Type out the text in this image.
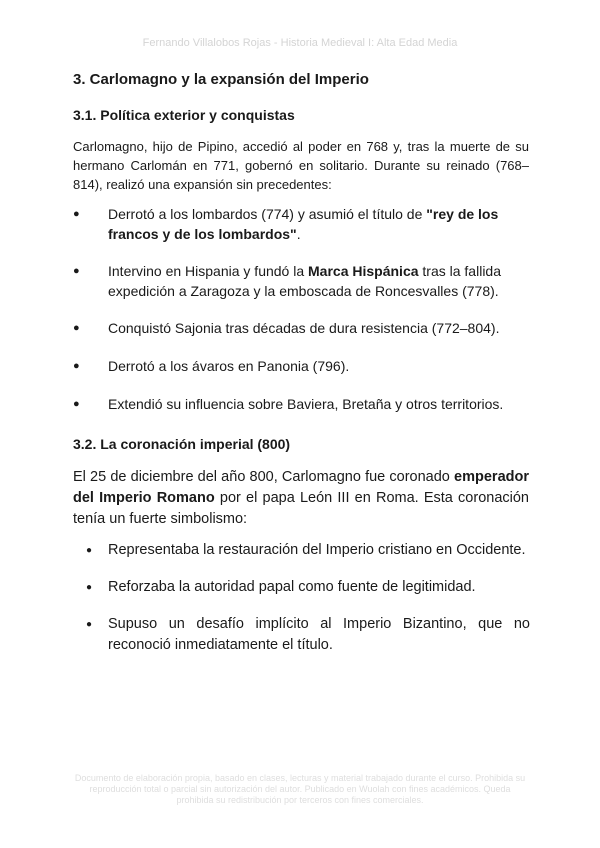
Fernando Villalobos Rojas - Historia Medieval I: Alta Edad Media
3. Carlomagno y la expansión del Imperio
3.1. Política exterior y conquistas

Carlomagno, hijo de Pipino, accedió al poder en 768 y, tras la muerte de su hermano Carlomán en 771, gobernó en solitario. Durante su reinado (768–814), realizó una expansión sin precedentes:

● Derrotó a los lombardos (774) y asumió el título de "rey de los francos y de los lombardos".
● Intervino en Hispania y fundó la Marca Hispánica tras la fallida expedición a Zaragoza y la emboscada de Roncesvalles (778).
● Conquistó Sajonia tras décadas de dura resistencia (772–804).
● Derrotó a los ávaros en Panonia (796).
● Extendió su influencia sobre Baviera, Bretaña y otros territorios.
3.2. La coronación imperial (800)

El 25 de diciembre del año 800, Carlomagno fue coronado emperador del Imperio Romano por el papa León III en Roma. Esta coronación tenía un fuerte simbolismo:

● Representaba la restauración del Imperio cristiano en Occidente.
● Reforzaba la autoridad papal como fuente de legitimidad.
● Supuso un desafío implícito al Imperio Bizantino, que no reconoció inmediatamente el título.
Documento de elaboración propia, basado en clases, lecturas y material trabajado durante el curso. Prohibida su reproducción total o parcial sin autorización del autor. Publicado en Wuolah con fines académicos. Queda prohibida su redistribución por terceros con fines comerciales.
